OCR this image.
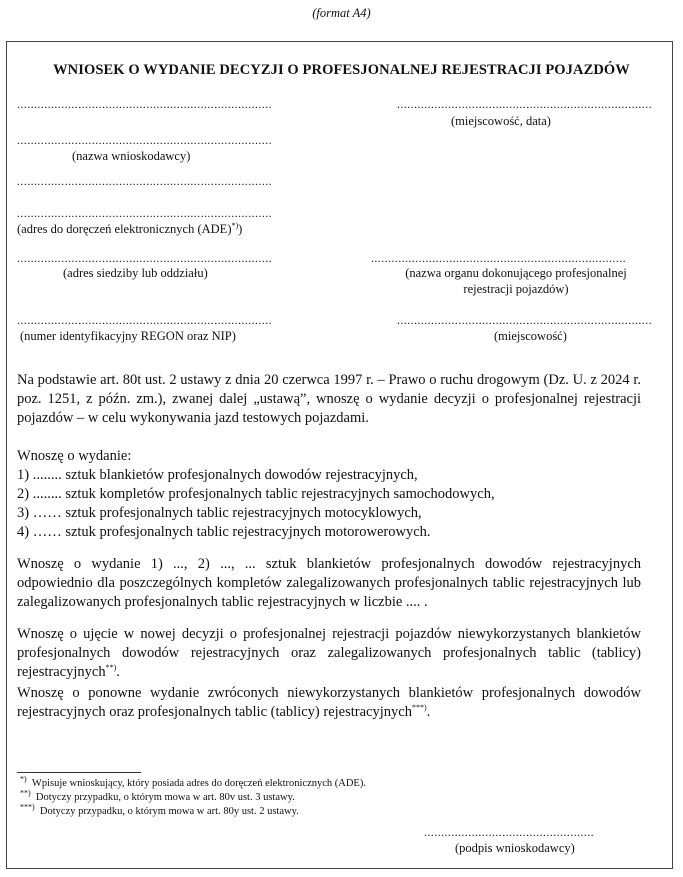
(format A4)
WNIOSEK O WYDANIE DECYZJI O PROFESJONALNEJ REJESTRACJI POJAZDÓW
...........................................................................
...........................................................................
(nazwa wnioskodawcy)
...........................................................................
...........................................................................
(adres do doręczeń elektronicznych (ADE)*))
...........................................................................
(adres siedziby lub oddziału)
...........................................................................
(numer identyfikacyjny REGON oraz NIP)
...........................................................................
(miejscowość, data)
...........................................................................
(nazwa organu dokonującego profesjonalnej
rejestracji pojazdów)
...........................................................................
(miejscowość)
Na podstawie art. 80t ust. 2 ustawy z dnia 20 czerwca 1997 r. – Prawo o ruchu drogowym (Dz. U. z 2024 r. poz. 1251, z późn. zm.), zwanej dalej „ustawą”, wnoszę o wydanie decyzji o profesjonalnej rejestracji pojazdów – w celu wykonywania jazd testowych pojazdami.
Wnoszę o wydanie:
1) ........ sztuk blankietów profesjonalnych dowodów rejestracyjnych,
2) ........ sztuk kompletów profesjonalnych tablic rejestracyjnych samochodowych,
3) …… sztuk profesjonalnych tablic rejestracyjnych motocyklowych,
4) …… sztuk profesjonalnych tablic rejestracyjnych motorowerowych.
Wnoszę o wydanie 1) ..., 2) ..., ... sztuk blankietów profesjonalnych dowodów rejestracyjnych odpowiednio dla poszczególnych kompletów zalegalizowanych profesjonalnych tablic rejestracyjnych lub zalegalizowanych profesjonalnych tablic rejestracyjnych w liczbie .... .
Wnoszę o ujęcie w nowej decyzji o profesjonalnej rejestracji pojazdów niewykorzystanych blankietów profesjonalnych dowodów rejestracyjnych oraz zalegalizowanych profesjonalnych tablic (tablicy) rejestracyjnych**).
Wnoszę o ponowne wydanie zwróconych niewykorzystanych blankietów profesjonalnych dowodów rejestracyjnych oraz profesjonalnych tablic (tablicy) rejestracyjnych***).
*) Wpisuje wnioskujący, który posiada adres do doręczeń elektronicznych (ADE).
**) Dotyczy przypadku, o którym mowa w art. 80v ust. 3 ustawy.
***) Dotyczy przypadku, o którym mowa w art. 80y ust. 2 ustawy.
..................................................
(podpis wnioskodawcy)
